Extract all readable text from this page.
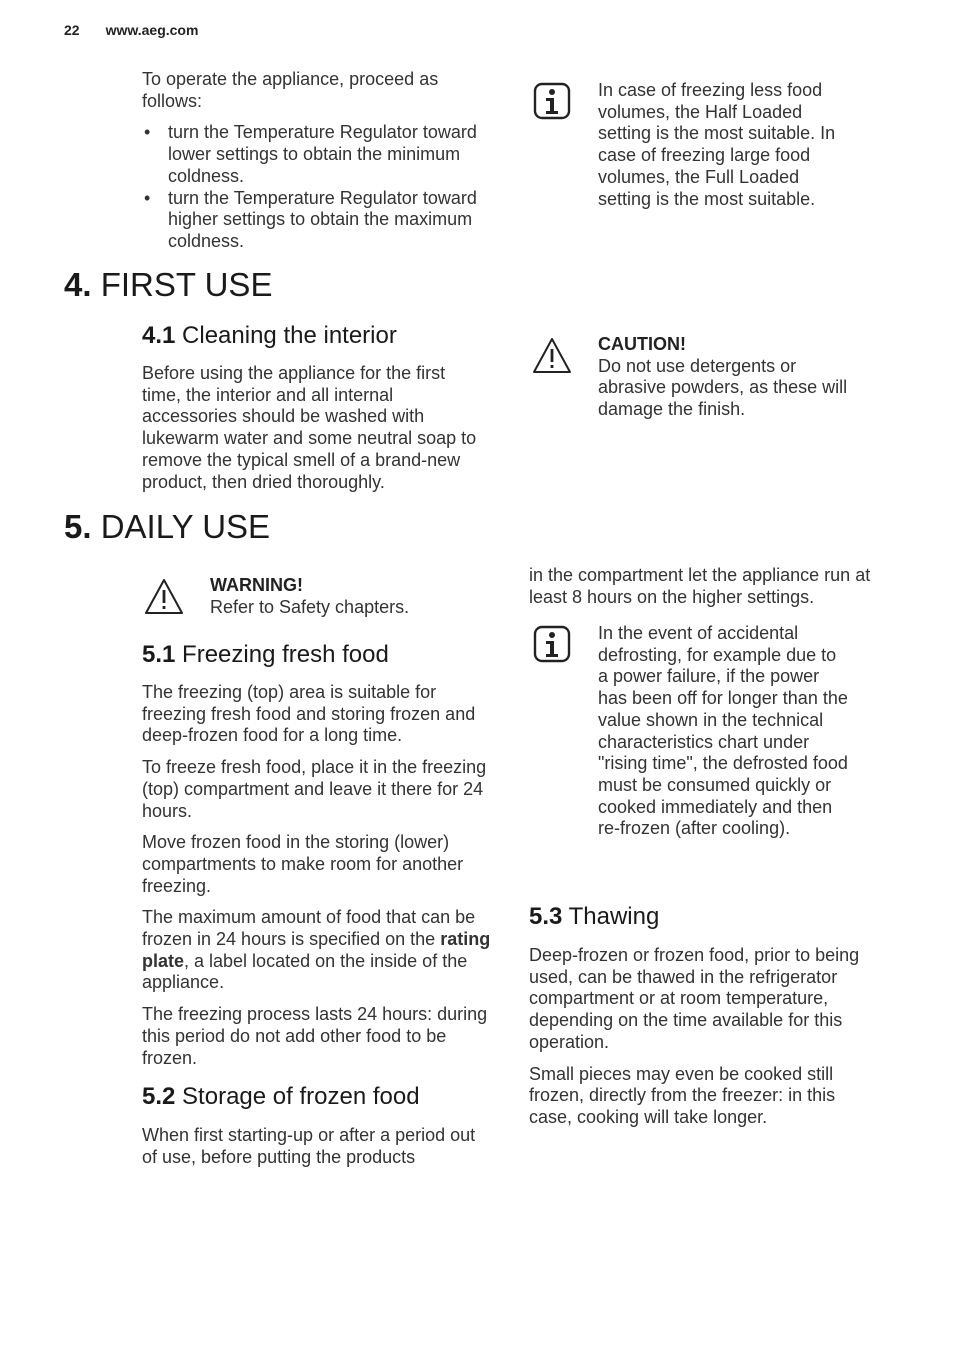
22 www.aeg.com

To operate the appliance, proceed as follows:

• turn the Temperature Regulator toward lower settings to obtain the minimum coldness.
• turn the Temperature Regulator toward higher settings to obtain the maximum coldness.
In case of freezing less food volumes, the Half Loaded setting is the most suitable. In case of freezing large food volumes, the Full Loaded setting is the most suitable.
4. FIRST USE
4.1 Cleaning the interior

Before using the appliance for the first time, the interior and all internal accessories should be washed with lukewarm water and some neutral soap to remove the typical smell of a brand-new product, then dried thoroughly.

CAUTION!
Do not use detergents or abrasive powders, as these will damage the finish.
5. DAILY USE
WARNING!
Refer to Safety chapters.
5.1 Freezing fresh food

The freezing (top) area is suitable for freezing fresh food and storing frozen and deep-frozen food for a long time.

To freeze fresh food, place it in the freezing (top) compartment and leave it there for 24 hours.

Move frozen food in the storing (lower) compartments to make room for another freezing.

The maximum amount of food that can be frozen in 24 hours is specified on the rating plate, a label located on the inside of the appliance.

The freezing process lasts 24 hours: during this period do not add other food to be frozen.

5.2 Storage of frozen food

When first starting-up or after a period out of use, before putting the products

in the compartment let the appliance run at least 8 hours on the higher settings.

In the event of accidental defrosting, for example due to a power failure, if the power has been off for longer than the value shown in the technical characteristics chart under "rising time", the defrosted food must be consumed quickly or cooked immediately and then re-frozen (after cooling).
5.3 Thawing

Deep-frozen or frozen food, prior to being used, can be thawed in the refrigerator compartment or at room temperature, depending on the time available for this operation.

Small pieces may even be cooked still frozen, directly from the freezer: in this case, cooking will take longer.
